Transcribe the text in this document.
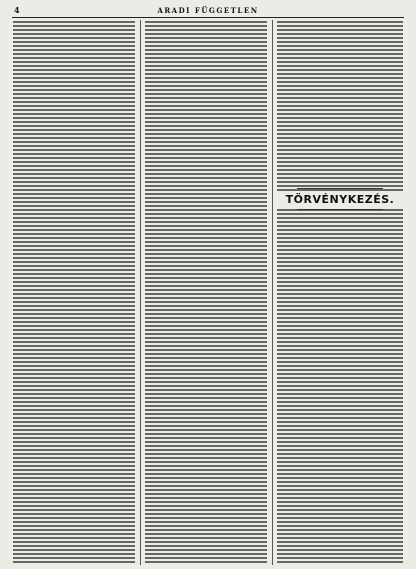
4	ARADI FÜGGETLEN
TÖRVÉNYKEZÉS.
